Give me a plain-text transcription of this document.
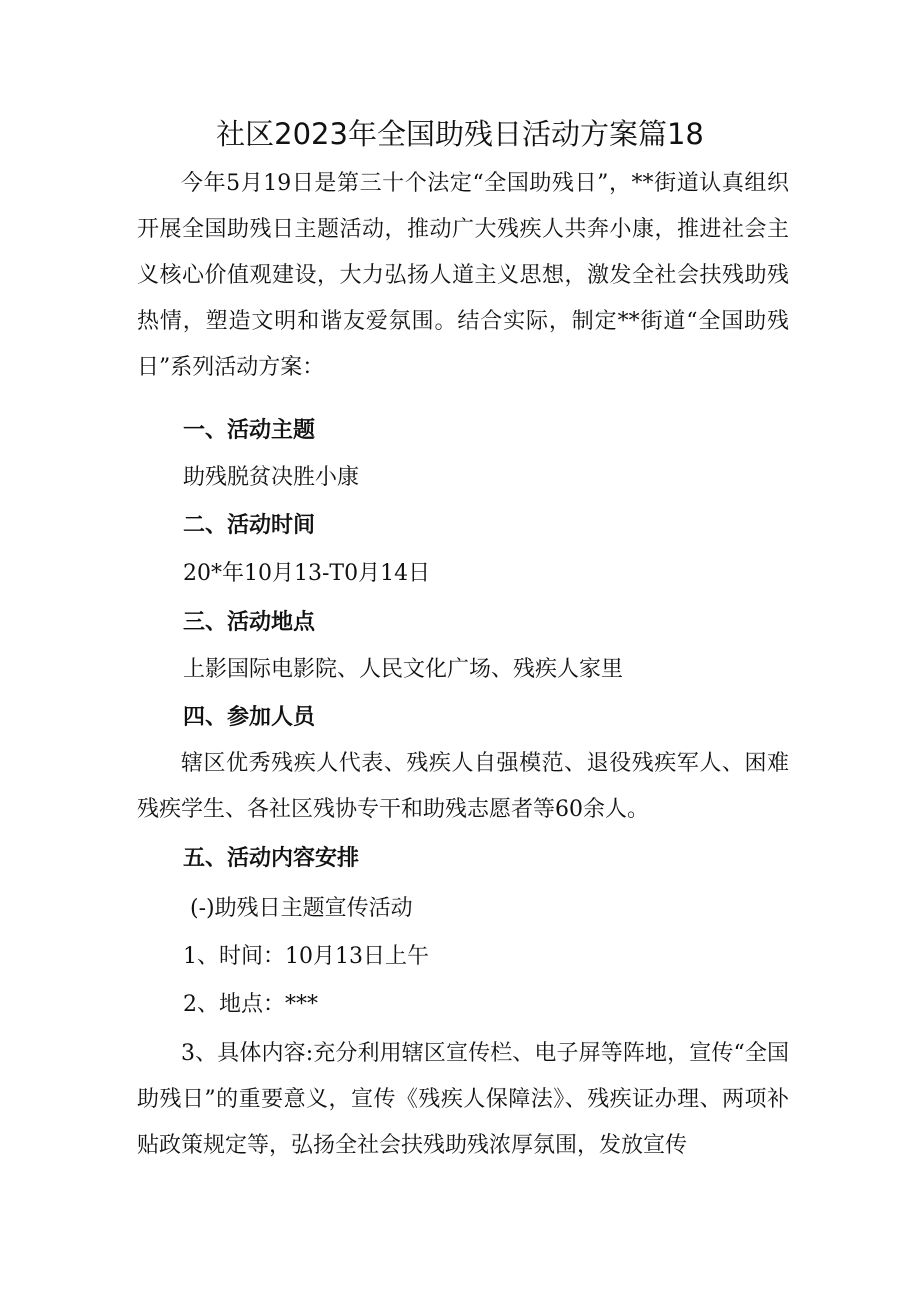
社区2023年全国助残日活动方案篇18

今年5月19日是第三十个法定“全国助残日”，**街道认真组织开展全国助残日主题活动，推动广大残疾人共奔小康，推进社会主义核心价值观建设，大力弘扬人道主义思想，激发全社会扶残助残热情，塑造文明和谐友爱氛围。结合实际，制定**街道“全国助残日”系列活动方案：

一、活动主题

助残脱贫决胜小康

二、活动时间

20*年10月13-T0月14日

三、活动地点

上影国际电影院、人民文化广场、残疾人家里

四、参加人员

辖区优秀残疾人代表、残疾人自强模范、退役残疾军人、困难残疾学生、各社区残协专干和助残志愿者等60余人。

五、活动内容安排

(-)助残日主题宣传活动

1、时间：10月13日上午

2、地点：***

3、具体内容:充分利用辖区宣传栏、电子屏等阵地，宣传“全国助残日”的重要意义，宣传《残疾人保障法》、残疾证办理、两项补贴政策规定等，弘扬全社会扶残助残浓厚氛围，发放宣传
